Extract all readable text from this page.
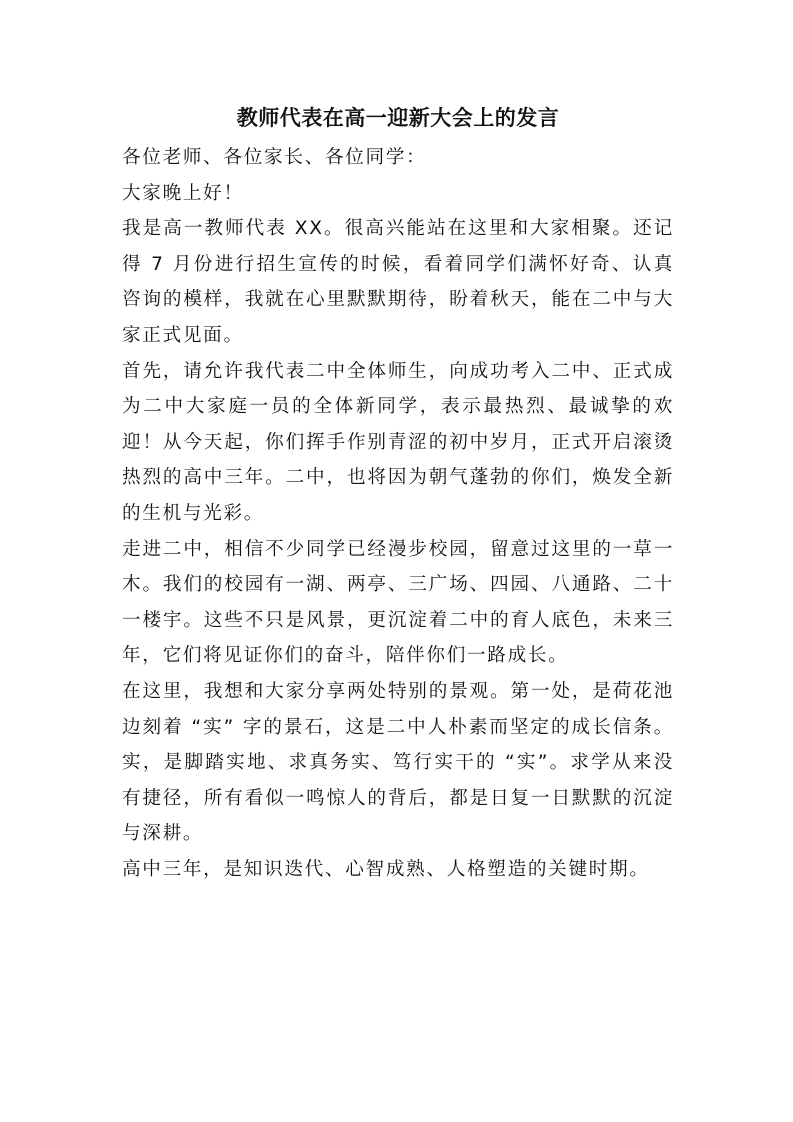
教师代表在高一迎新大会上的发言

各位老师、各位家长、各位同学：

大家晚上好！

我是高一教师代表 XX。很高兴能站在这里和大家相聚。还记得 7 月份进行招生宣传的时候，看着同学们满怀好奇、认真咨询的模样，我就在心里默默期待，盼着秋天，能在二中与大家正式见面。

首先，请允许我代表二中全体师生，向成功考入二中、正式成为二中大家庭一员的全体新同学，表示最热烈、最诚挚的欢迎！从今天起，你们挥手作别青涩的初中岁月，正式开启滚烫热烈的高中三年。二中，也将因为朝气蓬勃的你们，焕发全新的生机与光彩。

走进二中，相信不少同学已经漫步校园，留意过这里的一草一木。我们的校园有一湖、两亭、三广场、四园、八通路、二十一楼宇。这些不只是风景，更沉淀着二中的育人底色，未来三年，它们将见证你们的奋斗，陪伴你们一路成长。

在这里，我想和大家分享两处特别的景观。第一处，是荷花池边刻着 “实” 字的景石，这是二中人朴素而坚定的成长信条。实，是脚踏实地、求真务实、笃行实干的 “实”。求学从来没有捷径，所有看似一鸣惊人的背后，都是日复一日默默的沉淀与深耕。

高中三年，是知识迭代、心智成熟、人格塑造的关键时期。
